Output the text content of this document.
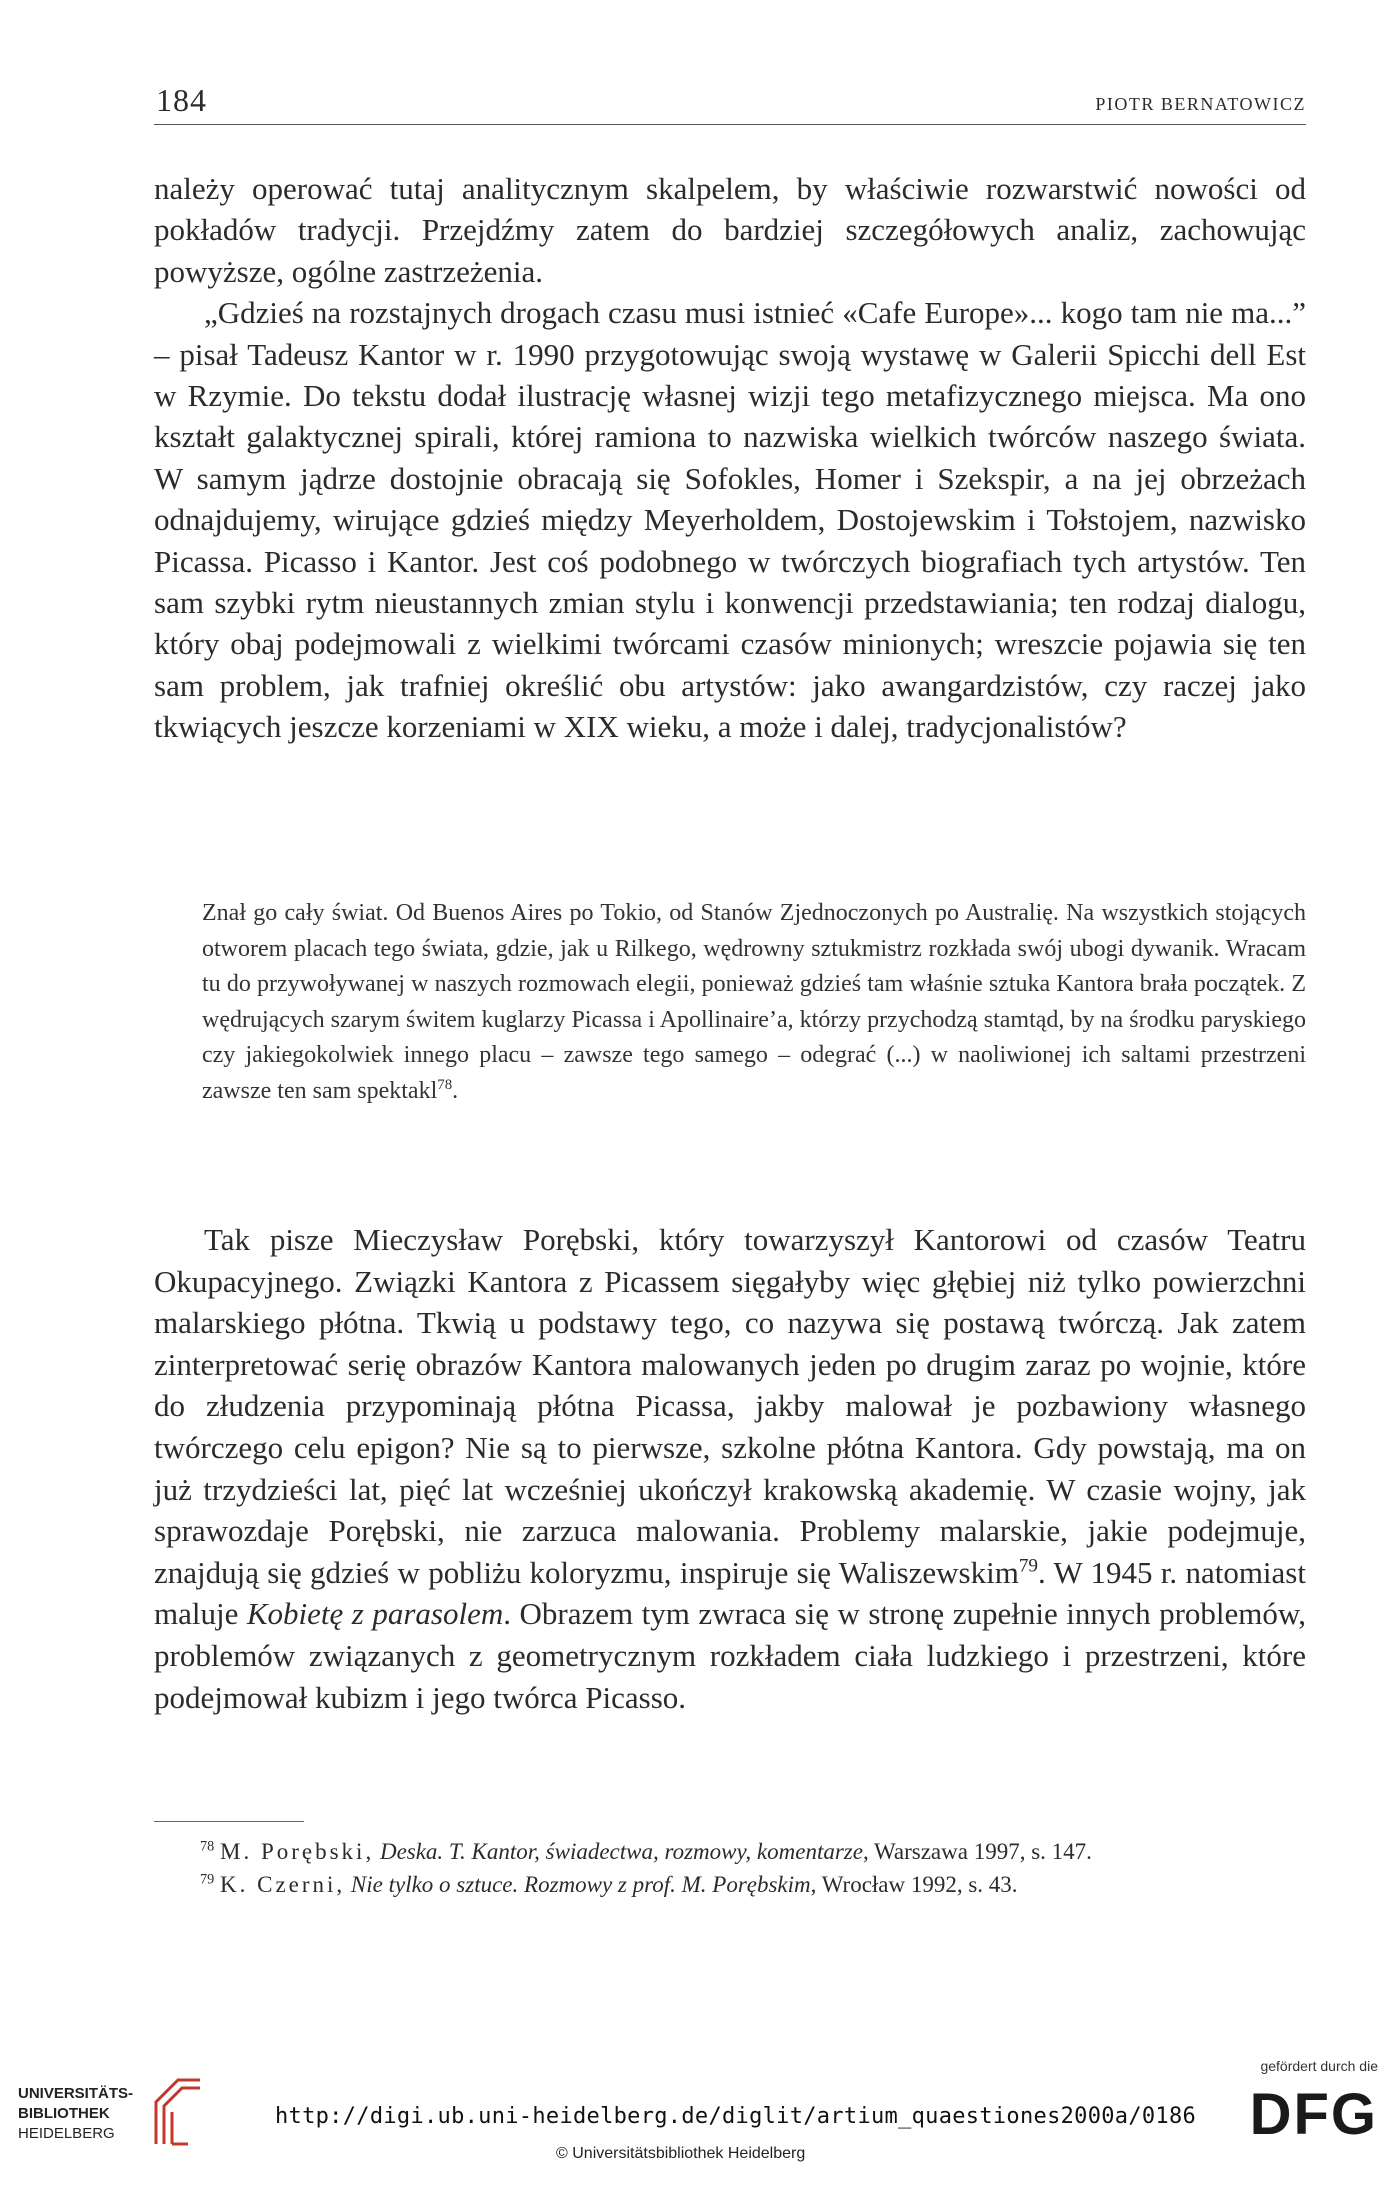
184	PIOTR BERNATOWICZ

należy operować tutaj analitycznym skalpelem, by właściwie rozwarstwić nowości od pokładów tradycji. Przejdźmy zatem do bardziej szczegółowych analiz, zachowując powyższe, ogólne zastrzeżenia.

„Gdzieś na rozstajnych drogach czasu musi istnieć «Cafe Europe»... kogo tam nie ma...” – pisał Tadeusz Kantor w r. 1990 przygotowując swoją wystawę w Galerii Spicchi dell Est w Rzymie. Do tekstu dodał ilustrację własnej wizji tego metafizycznego miejsca. Ma ono kształt galaktycznej spirali, której ramiona to nazwiska wielkich twórców naszego świata. W samym jądrze dostojnie obracają się Sofokles, Homer i Szekspir, a na jej obrzeżach odnajdujemy, wirujące gdzieś między Meyerholdem, Dostojewskim i Tołstojem, nazwisko Picassa. Picasso i Kantor. Jest coś podobnego w twórczych biografiach tych artystów. Ten sam szybki rytm nieustannych zmian stylu i konwencji przedstawiania; ten rodzaj dialogu, który obaj podejmowali z wielkimi twórcami czasów minionych; wreszcie pojawia się ten sam problem, jak trafniej określić obu artystów: jako awangardzistów, czy raczej jako tkwiących jeszcze korzeniami w XIX wieku, a może i dalej, tradycjonalistów?

Znał go cały świat. Od Buenos Aires po Tokio, od Stanów Zjednoczonych po Australię. Na wszystkich stojących otworem placach tego świata, gdzie, jak u Rilkego, wędrowny sztukmistrz rozkłada swój ubogi dywanik. Wracam tu do przywoływanej w naszych rozmowach elegii, ponieważ gdzieś tam właśnie sztuka Kantora brała początek. Z wędrujących szarym świtem kuglarzy Picassa i Apollinaire’a, którzy przychodzą stamtąd, by na środku paryskiego czy jakiegokolwiek innego placu – zawsze tego samego – odegrać (...) w naoliwionej ich saltami przestrzeni zawsze ten sam spektakl$^{78}$.

Tak pisze Mieczysław Porębski, który towarzyszył Kantorowi od czasów Teatru Okupacyjnego. Związki Kantora z Picassem sięgałyby więc głębiej niż tylko powierzchni malarskiego płótna. Tkwią u podstawy tego, co nazywa się postawą twórczą. Jak zatem zinterpretować serię obrazów Kantora malowanych jeden po drugim zaraz po wojnie, które do złudzenia przypominają płótna Picassa, jakby malował je pozbawiony własnego twórczego celu epigon? Nie są to pierwsze, szkolne płótna Kantora. Gdy powstają, ma on już trzydzieści lat, pięć lat wcześniej ukończył krakowską akademię. W czasie wojny, jak sprawozdaje Porębski, nie zarzuca malowania. Problemy malarskie, jakie podejmuje, znajdują się gdzieś w pobliżu koloryzmu, inspiruje się Waliszewskim$^{79}$. W 1945 r. natomiast maluje Kobietę z parasolem. Obrazem tym zwraca się w stronę zupełnie innych problemów, problemów związanych z geometrycznym rozkładem ciała ludzkiego i przestrzeni, które podejmował kubizm i jego twórca Picasso.

$^{78}$ M. Porębski, Deska. T. Kantor, świadectwa, rozmowy, komentarze, Warszawa 1997, s. 147.

$^{79}$ K. Czerni, Nie tylko o sztuce. Rozmowy z prof. M. Porębskim, Wrocław 1992, s. 43.

UNIVERSITÄTS-
BIBLIOTHEK
HEIDELBERG
http://digi.ub.uni-heidelberg.de/diglit/artium_quaestiones2000a/0186
© Universitätsbibliothek Heidelberg
gefördert durch die
DFG
